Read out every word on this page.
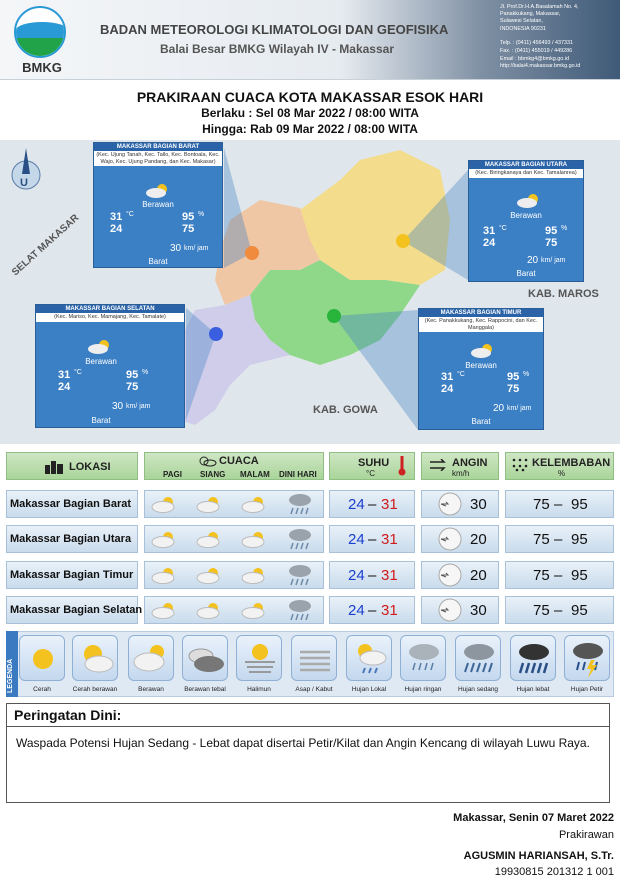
BMKG
BADAN METEOROLOGI KLIMATOLOGI DAN GEOFISIKA
Balai Besar BMKG Wilayah IV - Makassar
Jl. Prof.Dr.H.A.Basalamah No. 4,
Panakkukang, Makassar,
Sulawesi Selatan,
INDONESIA 90231
Telp. : (0411) 456493 / 437331
Fax. : (0411) 455019 / 449286
Email : bbmkg4@bmkg.go.id
http://balai4.makassar.bmkg.go.id
PRAKIRAAN CUACA KOTA MAKASSAR ESOK HARI
Berlaku : Sel 08 Mar 2022 / 08:00 WITA
Hingga: Rab 09 Mar 2022 / 08:00 WITA
U
SELAT MAKASAR
KAB. MAROS
KAB. GOWA
MAKASSAR BAGIAN BARAT
(Kec. Ujung Tanah, Kec. Tallo, Kec. Bontoala, Kec. Wajo, Kec. Ujung Pandang, dan Kec. Makasar)
Berawan
31
24
°C	95
75
%
30 km/ jam
Barat
MAKASSAR BAGIAN UTARA
(Kec. Biringkanaya dan Kec. Tamalanrea)
Berawan
31
24
°C	95
75
%
20 km/ jam
Barat
MAKASSAR BAGIAN SELATAN
(Kec. Mariso, Kec. Mamajang, Kec. Tamalate)
Berawan
31
24
°C	95
75
%
30 km/ jam
Barat
MAKASSAR BAGIAN TIMUR
(Kec. Panakkukang, Kec. Rappocini, dan Kec. Manggala)
Berawan
31
24
°C	95
75
%
20 km/ jam
Barat
LOKASI	CUACA
PAGI SIANG MALAM DINI HARI
SUHU
°C
ANGIN
km/h
KELEMBABAN
%
Makassar Bagian Barat	24 – 31	30	75 – 95
Makassar Bagian Utara	24 – 31	20	75 – 95
Makassar Bagian Timur	24 – 31	20	75 – 95
Makassar Bagian Selatan	24 – 31	30	75 – 95
LEGENDA	Cerah	Cerah berawan	Berawan	Berawan tebal	Halimun	Asap / Kabut	Hujan Lokal	Hujan ringan	Hujan sedang	Hujan lebat	Hujan Petir
Peringatan Dini:
Waspada Potensi Hujan Sedang - Lebat dapat disertai Petir/Kilat dan Angin Kencang di wilayah Luwu Raya.
Makassar, Senin 07 Maret 2022
Prakirawan
AGUSMIN HARIANSAH, S.Tr.
19930815 201312 1 001
